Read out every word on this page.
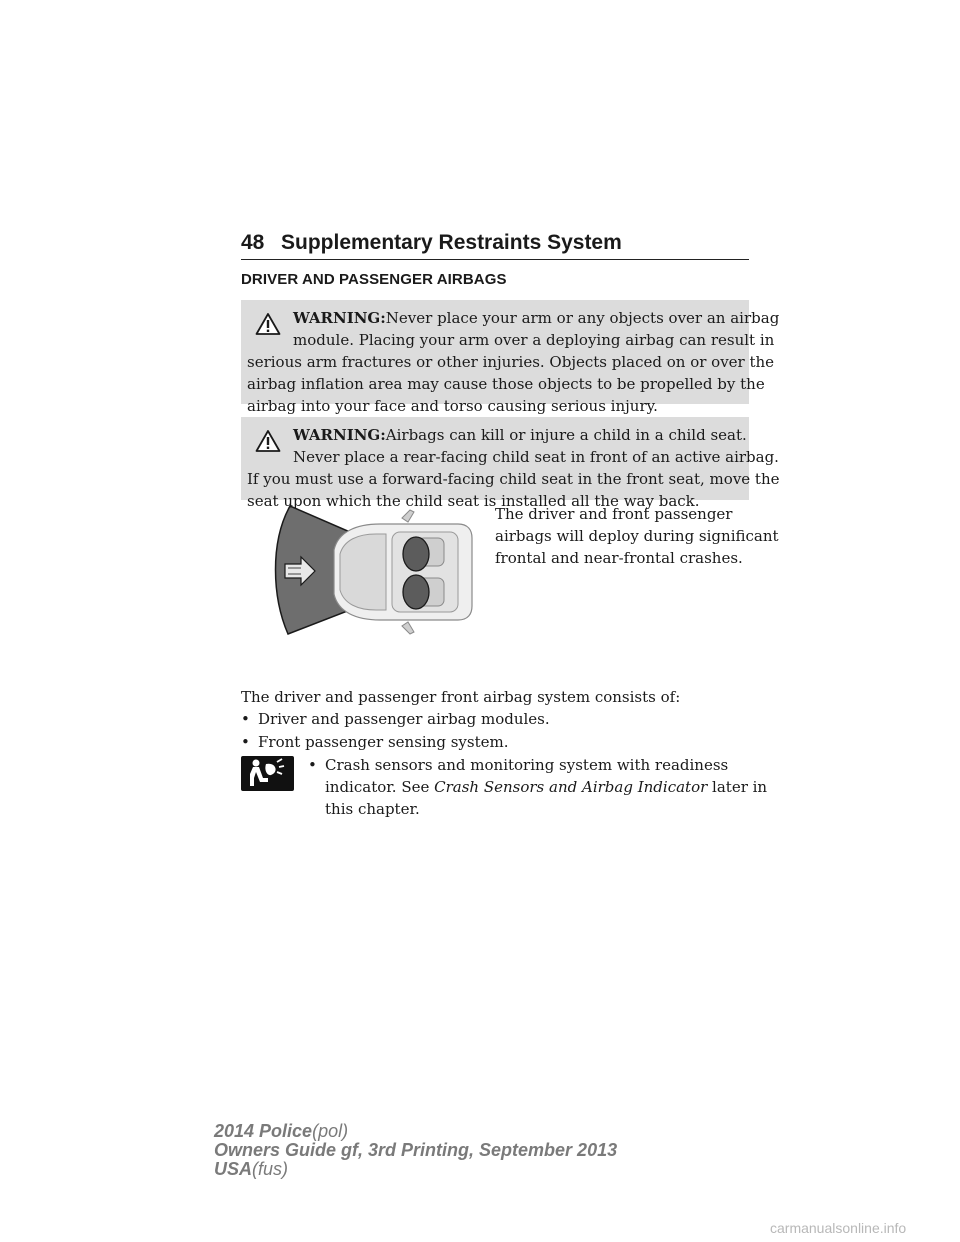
48 Supplementary Restraints System
DRIVER AND PASSENGER AIRBAGS
WARNING:Never place your arm or any objects over an airbag
module. Placing your arm over a deploying airbag can result in
serious arm fractures or other injuries. Objects placed on or over the
airbag inflation area may cause those objects to be propelled by the
airbag into your face and torso causing serious injury.
WARNING:Airbags can kill or injure a child in a child seat.
Never place a rear-facing child seat in front of an active airbag.
If you must use a forward-facing child seat in the front seat, move the
seat upon which the child seat is installed all the way back.
The driver and front passenger
airbags will deploy during significant
frontal and near-frontal crashes.
The driver and passenger front airbag system consists of:
• Driver and passenger airbag modules.
• Front passenger sensing system.
• Crash sensors and monitoring system with readiness
indicator. See Crash Sensors and Airbag Indicator later in
this chapter.
2014 Police(pol)
Owners Guide gf, 3rd Printing, September 2013
USA(fus)
carmanualsonline.info
